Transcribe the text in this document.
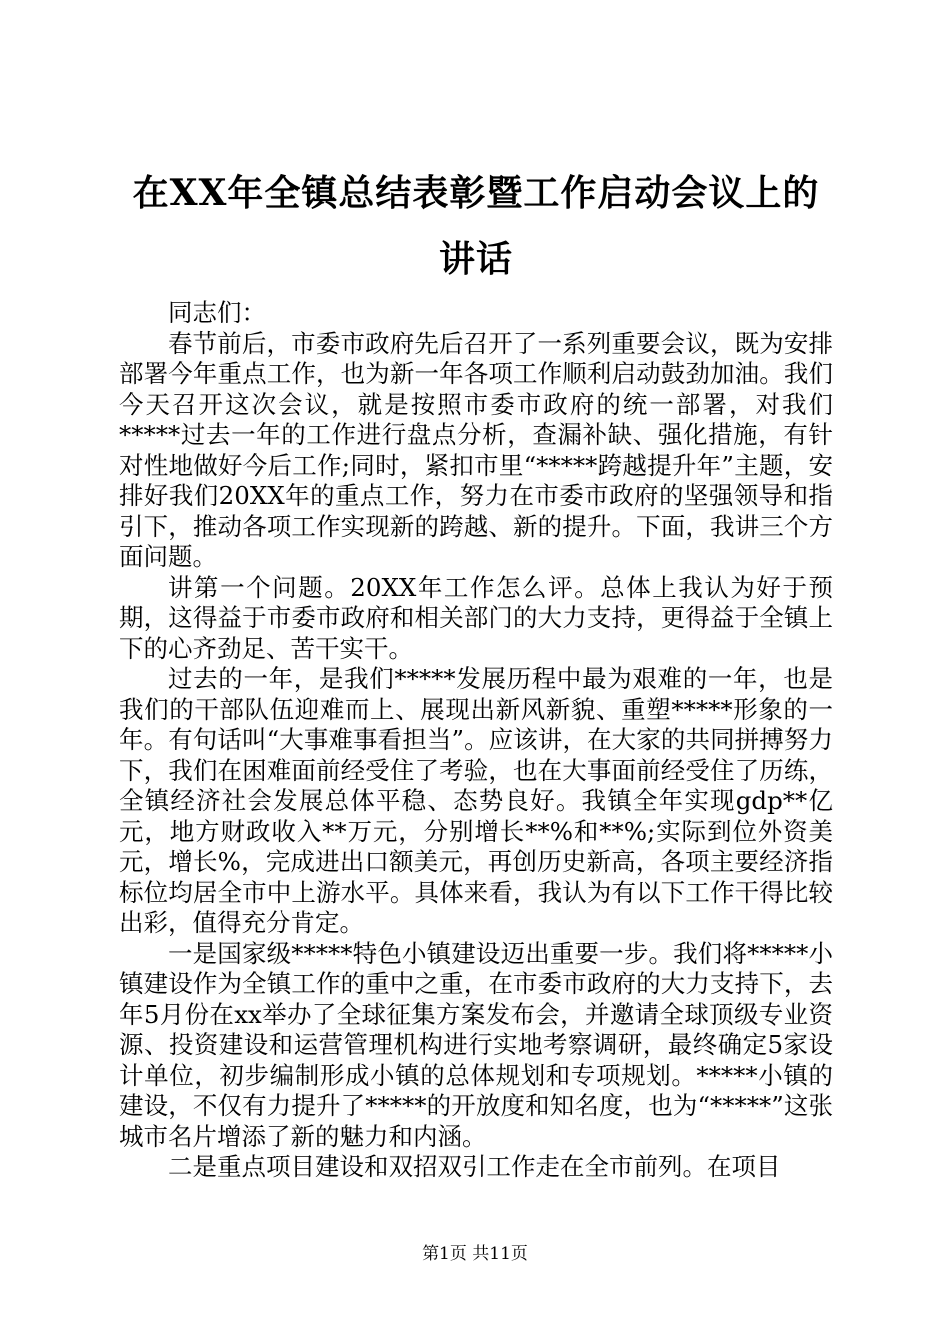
在XX年全镇总结表彰暨工作启动会议上的讲话

同志们：

春节前后，市委市政府先后召开了一系列重要会议，既为安排部署今年重点工作，也为新一年各项工作顺利启动鼓劲加油。我们今天召开这次会议，就是按照市委市政府的统一部署，对我们*****过去一年的工作进行盘点分析，查漏补缺、强化措施，有针对性地做好今后工作;同时，紧扣市里“*****跨越提升年”主题，安排好我们20XX年的重点工作，努力在市委市政府的坚强领导和指引下，推动各项工作实现新的跨越、新的提升。下面，我讲三个方面问题。

讲第一个问题。20XX年工作怎么评。总体上我认为好于预期，这得益于市委市政府和相关部门的大力支持，更得益于全镇上下的心齐劲足、苦干实干。

过去的一年，是我们*****发展历程中最为艰难的一年，也是我们的干部队伍迎难而上、展现出新风新貌、重塑*****形象的一年。有句话叫“大事难事看担当”。应该讲，在大家的共同拼搏努力下，我们在困难面前经受住了考验，也在大事面前经受住了历练，全镇经济社会发展总体平稳、态势良好。我镇全年实现gdp**亿元，地方财政收入**万元，分别增长**%和**%;实际到位外资美元，增长%，完成进出口额美元，再创历史新高，各项主要经济指标位均居全市中上游水平。具体来看，我认为有以下工作干得比较出彩，值得充分肯定。

一是国家级*****特色小镇建设迈出重要一步。我们将*****小镇建设作为全镇工作的重中之重，在市委市政府的大力支持下，去年5月份在xx举办了全球征集方案发布会，并邀请全球顶级专业资源、投资建设和运营管理机构进行实地考察调研，最终确定5家设计单位，初步编制形成小镇的总体规划和专项规划。*****小镇的建设，不仅有力提升了*****的开放度和知名度，也为“*****”这张城市名片增添了新的魅力和内涵。

二是重点项目建设和双招双引工作走在全市前列。在项目

第1页 共11页
